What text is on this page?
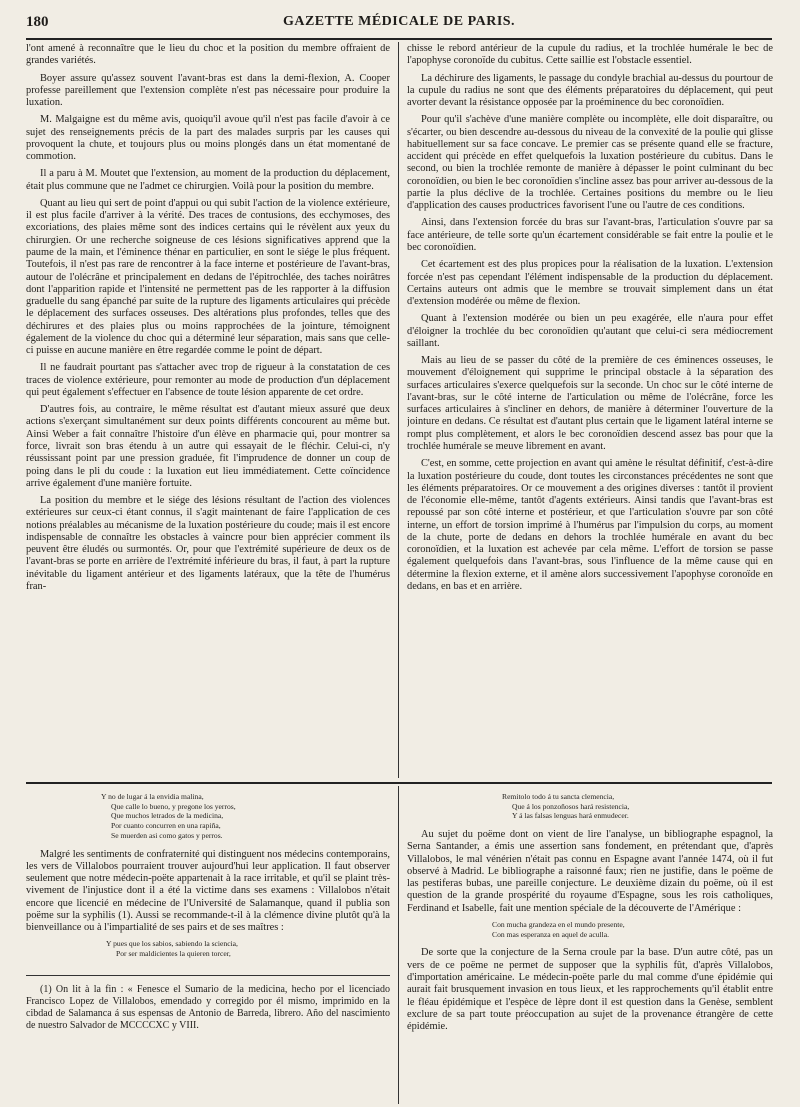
180	GAZETTE MÉDICALE DE PARIS.

l'ont amené à reconnaître que le lieu du choc et la position du membre offraient de grandes variétés.

Boyer assure qu'assez souvent l'avant-bras est dans la demi-flexion, A. Cooper professe pareillement que l'extension complète n'est pas nécessaire pour produire la luxation.

M. Malgaigne est du même avis, quoiqu'il avoue qu'il n'est pas facile d'avoir à ce sujet des renseignements précis de la part des malades surpris par les causes qui provoquent la chute, et toujours plus ou moins plongés dans un état momentané de commotion.

Il a paru à M. Moutet que l'extension, au moment de la production du déplacement, était plus commune que ne l'admet ce chirurgien. Voilà pour la position du membre.

Quant au lieu qui sert de point d'appui ou qui subit l'action de la violence extérieure, il est plus facile d'arriver à la vérité. Des traces de contusions, des ecchymoses, des excoriations, des plaies même sont des indices certains qui le révèlent aux yeux du chirurgien. Or une recherche soigneuse de ces lésions significatives apprend que la paume de la main, et l'éminence thénar en particulier, en sont le siége le plus fréquent. Toutefois, il n'est pas rare de rencontrer à la face interne et postérieure de l'avant-bras, autour de l'olécrâne et principalement en dedans de l'épitrochlée, des taches noirâtres dont l'apparition rapide et l'intensité ne permettent pas de les rapporter à la diffusion graduelle du sang épanché par suite de la rupture des ligaments articulaires qui précède le déplacement des surfaces osseuses. Des altérations plus profondes, telles que des déchirures et des plaies plus ou moins rapprochées de la jointure, témoignent également de la violence du choc qui a déterminé leur séparation, mais sans que celle-ci puisse en aucune manière en être regardée comme le point de départ.

Il ne faudrait pourtant pas s'attacher avec trop de rigueur à la constatation de ces traces de violence extérieure, pour remonter au mode de production d'un déplacement qui peut également s'effectuer en l'absence de toute lésion apparente de cet ordre.

D'autres fois, au contraire, le même résultat est d'autant mieux assuré que deux actions s'exerçant simultanément sur deux points différents concourent au même but. Ainsi Weber a fait connaître l'histoire d'un élève en pharmacie qui, pour montrer sa force, livrait son bras étendu à un autre qui essayait de le fléchir. Celui-ci, n'y réussissant point par une pression graduée, fit l'imprudence de donner un coup de poing dans le pli du coude : la luxation eut lieu immédiatement. Cette coïncidence arrive également d'une manière fortuite.

La position du membre et le siége des lésions résultant de l'action des violences extérieures sur ceux-ci étant connus, il s'agit maintenant de faire l'application de ces notions préalables au mécanisme de la luxation postérieure du coude; mais il est encore indispensable de connaître les obstacles à vaincre pour bien apprécier comment ils peuvent être éludés ou surmontés. Or, pour que l'extrémité supérieure de deux os de l'avant-bras se porte en arrière de l'extrémité inférieure du bras, il faut, à part la rupture inévitable du ligament antérieur et des ligaments latéraux, que la tête de l'humérus fran-

chisse le rebord antérieur de la cupule du radius, et la trochlée humérale le bec de l'apophyse coronoïde du cubitus. Cette saillie est l'obstacle essentiel.

La déchirure des ligaments, le passage du condyle brachial au-dessus du pourtour de la cupule du radius ne sont que des éléments préparatoires du déplacement, qui peut avorter devant la résistance opposée par la proéminence du bec coronoïdien.

Pour qu'il s'achève d'une manière complète ou incomplète, elle doit disparaître, ou s'écarter, ou bien descendre au-dessous du niveau de la convexité de la poulie qui glisse habituellement sur sa face concave. Le premier cas se présente quand elle se fracture, accident qui précède en effet quelquefois la luxation postérieure du cubitus. Dans le second, ou bien la trochlée remonte de manière à dépasser le point culminant du bec coronoïdien, ou bien le bec coronoïdien s'incline assez bas pour arriver au-dessous de la partie la plus déclive de la trochlée. Certaines positions du membre ou le lieu d'application des causes productrices favorisent l'une ou l'autre de ces conditions.

Ainsi, dans l'extension forcée du bras sur l'avant-bras, l'articulation s'ouvre par sa face antérieure, de telle sorte qu'un écartement considérable se fait entre la poulie et le bec coronoïdien.

Cet écartement est des plus propices pour la réalisation de la luxation. L'extension forcée n'est pas cependant l'élément indispensable de la production du déplacement. Certains auteurs ont admis que le membre se trouvait simplement dans un état d'extension modérée ou même de flexion.

Quant à l'extension modérée ou bien un peu exagérée, elle n'aura pour effet d'éloigner la trochlée du bec coronoïdien qu'autant que celui-ci sera médiocrement saillant.

Mais au lieu de se passer du côté de la première de ces éminences osseuses, le mouvement d'éloignement qui supprime le principal obstacle à la séparation des surfaces articulaires s'exerce quelquefois sur la seconde. Un choc sur le côté interne de l'avant-bras, sur le côté interne de l'articulation ou même de l'olécrâne, force les surfaces articulaires à s'incliner en dehors, de manière à déterminer l'ouverture de la jointure en dedans. Ce résultat est d'autant plus certain que le ligament latéral interne se rompt plus complètement, et alors le bec coronoïdien descend assez bas pour que la trochlée humérale se meuve librement en avant.

C'est, en somme, cette projection en avant qui amène le résultat définitif, c'est-à-dire la luxation postérieure du coude, dont toutes les circonstances précédentes ne sont que les éléments préparatoires. Or ce mouvement a des origines diverses : tantôt il provient de l'économie elle-même, tantôt d'agents extérieurs. Ainsi tandis que l'avant-bras est repoussé par son côté interne et postérieur, et que l'articulation s'ouvre par son côté interne, un effort de torsion imprimé à l'humérus par l'impulsion du corps, au moment de la chute, porte de dedans en dehors la trochlée humérale en avant du bec coronoïdien, et la luxation est achevée par cela même. L'effort de torsion se passe également quelquefois dans l'avant-bras, sous l'influence de la même cause qui en détermine la flexion externe, et il amène alors successivement l'apophyse coronoïde en dedans, en bas et en arrière.

Y no de lugar á la envidia malina,
Que calle lo bueno, y pregone los yerros,
Que muchos letrados de la medicina,
Por cuanto concurren en una rapiña,
Se muerden asi como gatos y perros.

Malgré les sentiments de confraternité qui distinguent nos médecins contemporains, les vers de Villalobos pourraient trouver aujourd'hui leur application. Il faut observer seulement que notre médecin-poëte appartenait à la race irritable, et qu'il se plaint très-vivement de l'injustice dont il a été la victime dans ses examens : Villalobos n'était encore que licencié en médecine de l'Université de Salamanque, quand il publia son poëme sur la syphilis (1). Aussi se recommande-t-il à la clémence divine plutôt qu'à la bienveillance ou à l'impartialité de ses pairs et de ses maîtres :

Y pues que los sabios, sabiendo la sciencia,
Por ser maldicientes la quieren torcer,

(1) On lit à la fin : « Fenesce el Sumario de la medicina, hecho por el licenciado Francisco Lopez de Villalobos, emendado y corregido por él mismo, imprimido en la cibdad de Salamanca á sus espensas de Antonio de Barreda, librero. Año del nascimiento de nuestro Salvador de MCCCCXC y VIII.

Remitolo todo á tu sancta clemencia,
Que á los ponzoñosos hará resistencia,
Y á las falsas lenguas hará enmudecer.

Au sujet du poëme dont on vient de lire l'analyse, un bibliographe espagnol, la Serna Santander, a émis une assertion sans fondement, en prétendant que, d'après Villalobos, le mal vénérien n'était pas connu en Espagne avant l'année 1474, où il fut observé à Madrid. Le bibliographe a raisonné faux; rien ne justifie, dans le poëme de las pestiferas bubas, une pareille conjecture. Le deuxième dizain du poëme, où il est question de la grande prospérité du royaume d'Espagne, sous les rois catholiques, Ferdinand et Isabelle, fait une mention spéciale de la découverte de l'Amérique :

Con mucha grandeza en el mundo presente,
Con mas esperanza en aquel de aculla.

De sorte que la conjecture de la Serna croule par la base. D'un autre côté, pas un vers de ce poëme ne permet de supposer que la syphilis fût, d'après Villalobos, d'importation américaine. Le médecin-poëte parle du mal comme d'une épidémie qui aurait fait brusquement invasion en tous lieux, et les rapprochements qu'il établit entre le fléau épidémique et l'espèce de lèpre dont il est question dans la Genèse, semblent exclure de sa part toute préoccupation au sujet de la provenance étrangère de cette épidémie.
